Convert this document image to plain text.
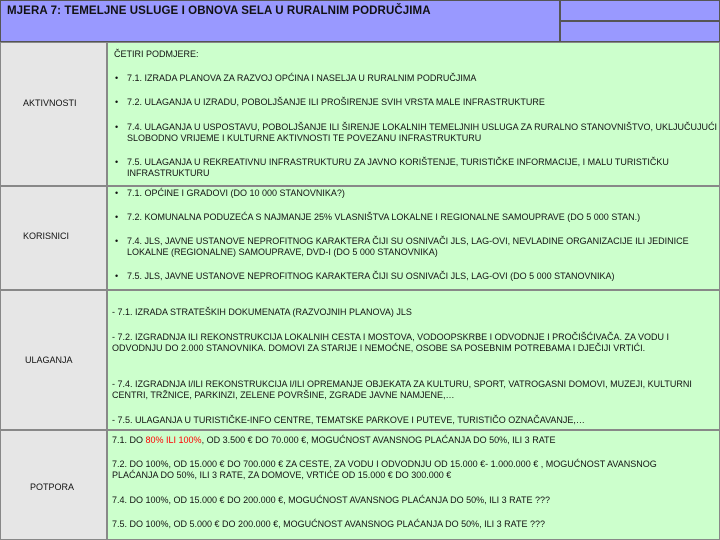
MJERA 7: TEMELJNE USLUGE I OBNOVA SELA U RURALNIM PODRUČJIMA
AKTIVNOSTI
ČETIRI PODMJERE:
• 7.1. IZRADA PLANOVA ZA RAZVOJ OPĆINA I NASELJA U RURALNIM PODRUČJIMA
• 7.2. ULAGANJA U IZRADU, POBOLJŠANJE ILI PROŠIRENJE SVIH VRSTA MALE INFRASTRUKTURE
• 7.4. ULAGANJA U USPOSTAVU, POBOLJŠANJE ILI ŠIRENJE LOKALNIH TEMELJNIH USLUGA ZA RURALNO STANOVNIŠTVO, UKLJUČUJUĆI SLOBODNO VRIJEME I KULTURNE AKTIVNOSTI TE POVEZANU INFRASTRUKTURU
• 7.5. ULAGANJA U REKREATIVNU INFRASTRUKTURU ZA JAVNO KORIŠTENJE, TURISTIČKE INFORMACIJE, I MALU TURISTIČKU INFRASTRUKTURU
KORISNICI
• 7.1. OPĆINE I GRADOVI (DO 10 000 STANOVNIKA?)
• 7.2. KOMUNALNA PODUZEĆA S NAJMANJE 25% VLASNIŠTVA LOKALNE I REGIONALNE SAMOUPRAVE (DO 5 000 STAN.)
• 7.4. JLS, JAVNE USTANOVE NEPROFITNOG KARAKTERA ČIJI SU OSNIVAČI JLS, LAG-OVI, NEVLADINE ORGANIZACIJE ILI JEDINICE LOKALNE (REGIONALNE) SAMOUPRAVE, DVD-I (DO 5 000 STANOVNIKA)
• 7.5. JLS, JAVNE USTANOVE NEPROFITNOG KARAKTERA ČIJI SU OSNIVAČI JLS, LAG-OVI (DO 5 000 STANOVNIKA)
ULAGANJA
- 7.1. IZRADA STRATEŠKIH DOKUMENATA (RAZVOJNIH PLANOVA) JLS
- 7.2. IZGRADNJA ILI REKONSTRUKCIJA LOKALNIH CESTA I MOSTOVA, VODOOPSKRBE I ODVODNJE I PROČIŠĆIVAČA. ZA VODU I ODVODNJU DO 2.000 STANOVNIKA. DOMOVI ZA STARIJE I NEMOĆNE, OSOBE SA POSEBNIM POTREBAMA I DJEČIJI VRTIĆI.
- 7.4. IZGRADNJA I/ILI REKONSTRUKCIJA I/ILI OPREMANJE OBJEKATA ZA KULTURU, SPORT, VATROGASNI DOMOVI, MUZEJI, KULTURNI CENTRI, TRŽNICE, PARKINZI, ZELENE POVRŠINE, ZGRADE JAVNE NAMJENE,…
- 7.5. ULAGANJA U TURISTIČKE-INFO CENTRE, TEMATSKE PARKOVE I PUTEVE, TURISTIČO OZNAČAVANJE,…
POTPORA
7.1. DO 80% ILI 100%, OD 3.500 € DO 70.000 €, MOGUĆNOST AVANSNOG PLAĆANJA DO 50%, ILI 3 RATE
7.2. DO 100%, OD 15.000 € DO 700.000 € ZA CESTE, ZA VODU I ODVODNJU OD 15.000 €- 1.000.000 € , MOGUĆNOST AVANSNOG PLAĆANJA DO 50%, ILI 3 RATE, ZA DOMOVE, VRTIĆE OD 15.000 € DO 300.000 €
7.4. DO 100%, OD 15.000 € DO 200.000 €, MOGUĆNOST AVANSNOG PLAĆANJA DO 50%, ILI 3 RATE ???
7.5. DO 100%, OD 5.000 € DO 200.000 €, MOGUĆNOST AVANSNOG PLAĆANJA DO 50%, ILI 3 RATE ???
